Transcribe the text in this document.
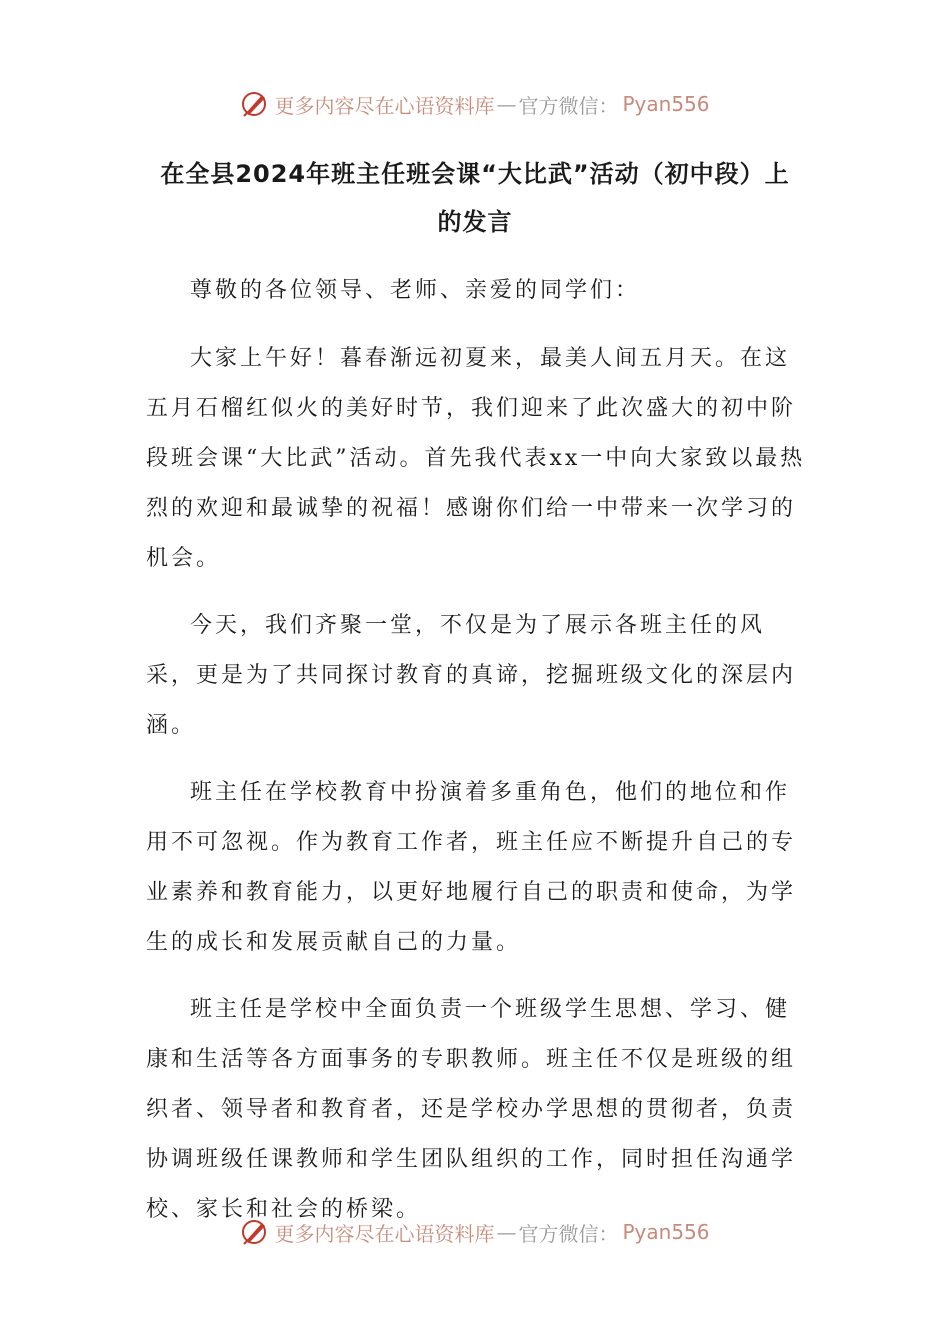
更多内容尽在心语资料库 — 官方微信： Pyan556
在全县2024年班主任班会课“大比武”活动（初中段）上的发言

尊敬的各位领导、老师、亲爱的同学们：

大家上午好！暮春渐远初夏来，最美人间五月天。在这五月石榴红似火的美好时节，我们迎来了此次盛大的初中阶段班会课“大比武”活动。首先我代表xx一中向大家致以最热烈的欢迎和最诚挚的祝福！感谢你们给一中带来一次学习的机会。

今天，我们齐聚一堂，不仅是为了展示各班主任的风采，更是为了共同探讨教育的真谛，挖掘班级文化的深层内涵。

班主任在学校教育中扮演着多重角色，他们的地位和作用不可忽视。作为教育工作者，班主任应不断提升自己的专业素养和教育能力，以更好地履行自己的职责和使命，为学生的成长和发展贡献自己的力量。

班主任是学校中全面负责一个班级学生思想、学习、健康和生活等各方面事务的专职教师。班主任不仅是班级的组织者、领导者和教育者，还是学校办学思想的贯彻者，负责协调班级任课教师和学生团队组织的工作，同时担任沟通学校、家长和社会的桥梁。

更多内容尽在心语资料库 — 官方微信： Pyan556
